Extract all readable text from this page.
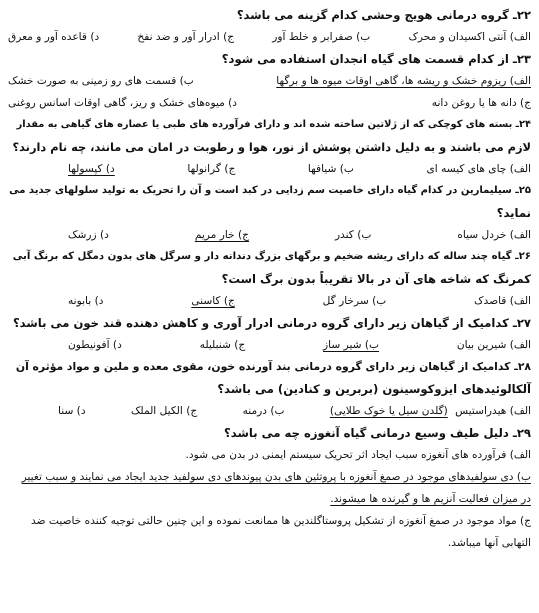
۲۲ـ گروه درمانی هویج وحشی کدام گزینه می باشد؟

الف) آنتی اکسیدان و محرک
ب) صفرابر و خلط آور
ج) ادرار آور و ضد نفخ
د) قاعده آور و معرق

۲۳ـ از کدام قسمت های گیاه انجدان استفاده می شود؟

الف) ریزوم خشک و ریشه ها، گاهی اوقات میوه ها و برگها
ب) قسمت های رو زمینی به صورت خشک
ج) دانه ها یا روغن دانه
د) میوه‌های خشک و ریز، گاهی اوقات اسانس روغنی

۲۴ـ بسته های کوچکی که از ژلاتین ساخته شده اند و دارای فرآورده های طبی یا عصاره های گیاهی به مقدار

لازم می باشند و به دلیل داشتن پوشش از نور، هوا و رطوبت در امان می مانند، چه نام دارند؟

الف) چای های کیسه ای
ب) شیافها
ج) گرانولها
د) کپسولها

۲۵ـ سیلیمارین در کدام گیاه دارای خاصیت سم زدایی در کبد است و آن را تحریک به تولید سلولهای جدید می

نماید؟

الف) خردل سیاه
ب) کندر
ج) خار مریم
د) زرشک

۲۶ـ گیاه چند ساله که دارای ریشه ضخیم و برگهای بزرگ دندانه دار و سرگل های بدون دمگل که برنگ آبی

کمرنگ که شاخه های آن در بالا تقریباً بدون برگ است؟

الف) قاصدک
ب) سرخار گل
ج) کاسنی
د) بابونه

۲۷ـ کدامیک از گیاهان زیر دارای گروه درمانی ادرار آوری و کاهش دهنده قند خون می باشد؟

الف) شیرین بیان
ب) شیر ساز
ج) شنبلیله
د) آفونیطون

۲۸ـ کدامیک از گیاهان زیر دارای گروه درمانی بند آورنده خون، مقوی معده و ملین و مواد مؤثره آن

آلکالوئیدهای ایزوکوسینون (بربرین و کنادین) می باشد؟

الف) هیدراستیس (گلدن سیل یا خوک طلایی)
ب) درمنه
ج) الکیل الملک
د) سنا

۲۹ـ دلیل طیف وسیع درمانی گیاه آنغوزه چه می باشد؟

الف) فرآورده های آنغوزه سبب ایجاد اثر تحریک سیستم ایمنی در بدن می شود.
ب) دی سولفیدهای موجود در صمغ آنغوزه با پروتئین های بدن پیوندهای دی سولفید جدید ایجاد می نمایند و سبب تغییر
در میزان فعالیت آنزیم ها و گیرنده ها میشوند.
ج) مواد موجود در صمغ آنغوزه از تشکیل پروستاگلندین ها ممانعت نموده و این چنین حالتی توجیه کننده خاصیت ضد
التهابی آنها میباشد.
